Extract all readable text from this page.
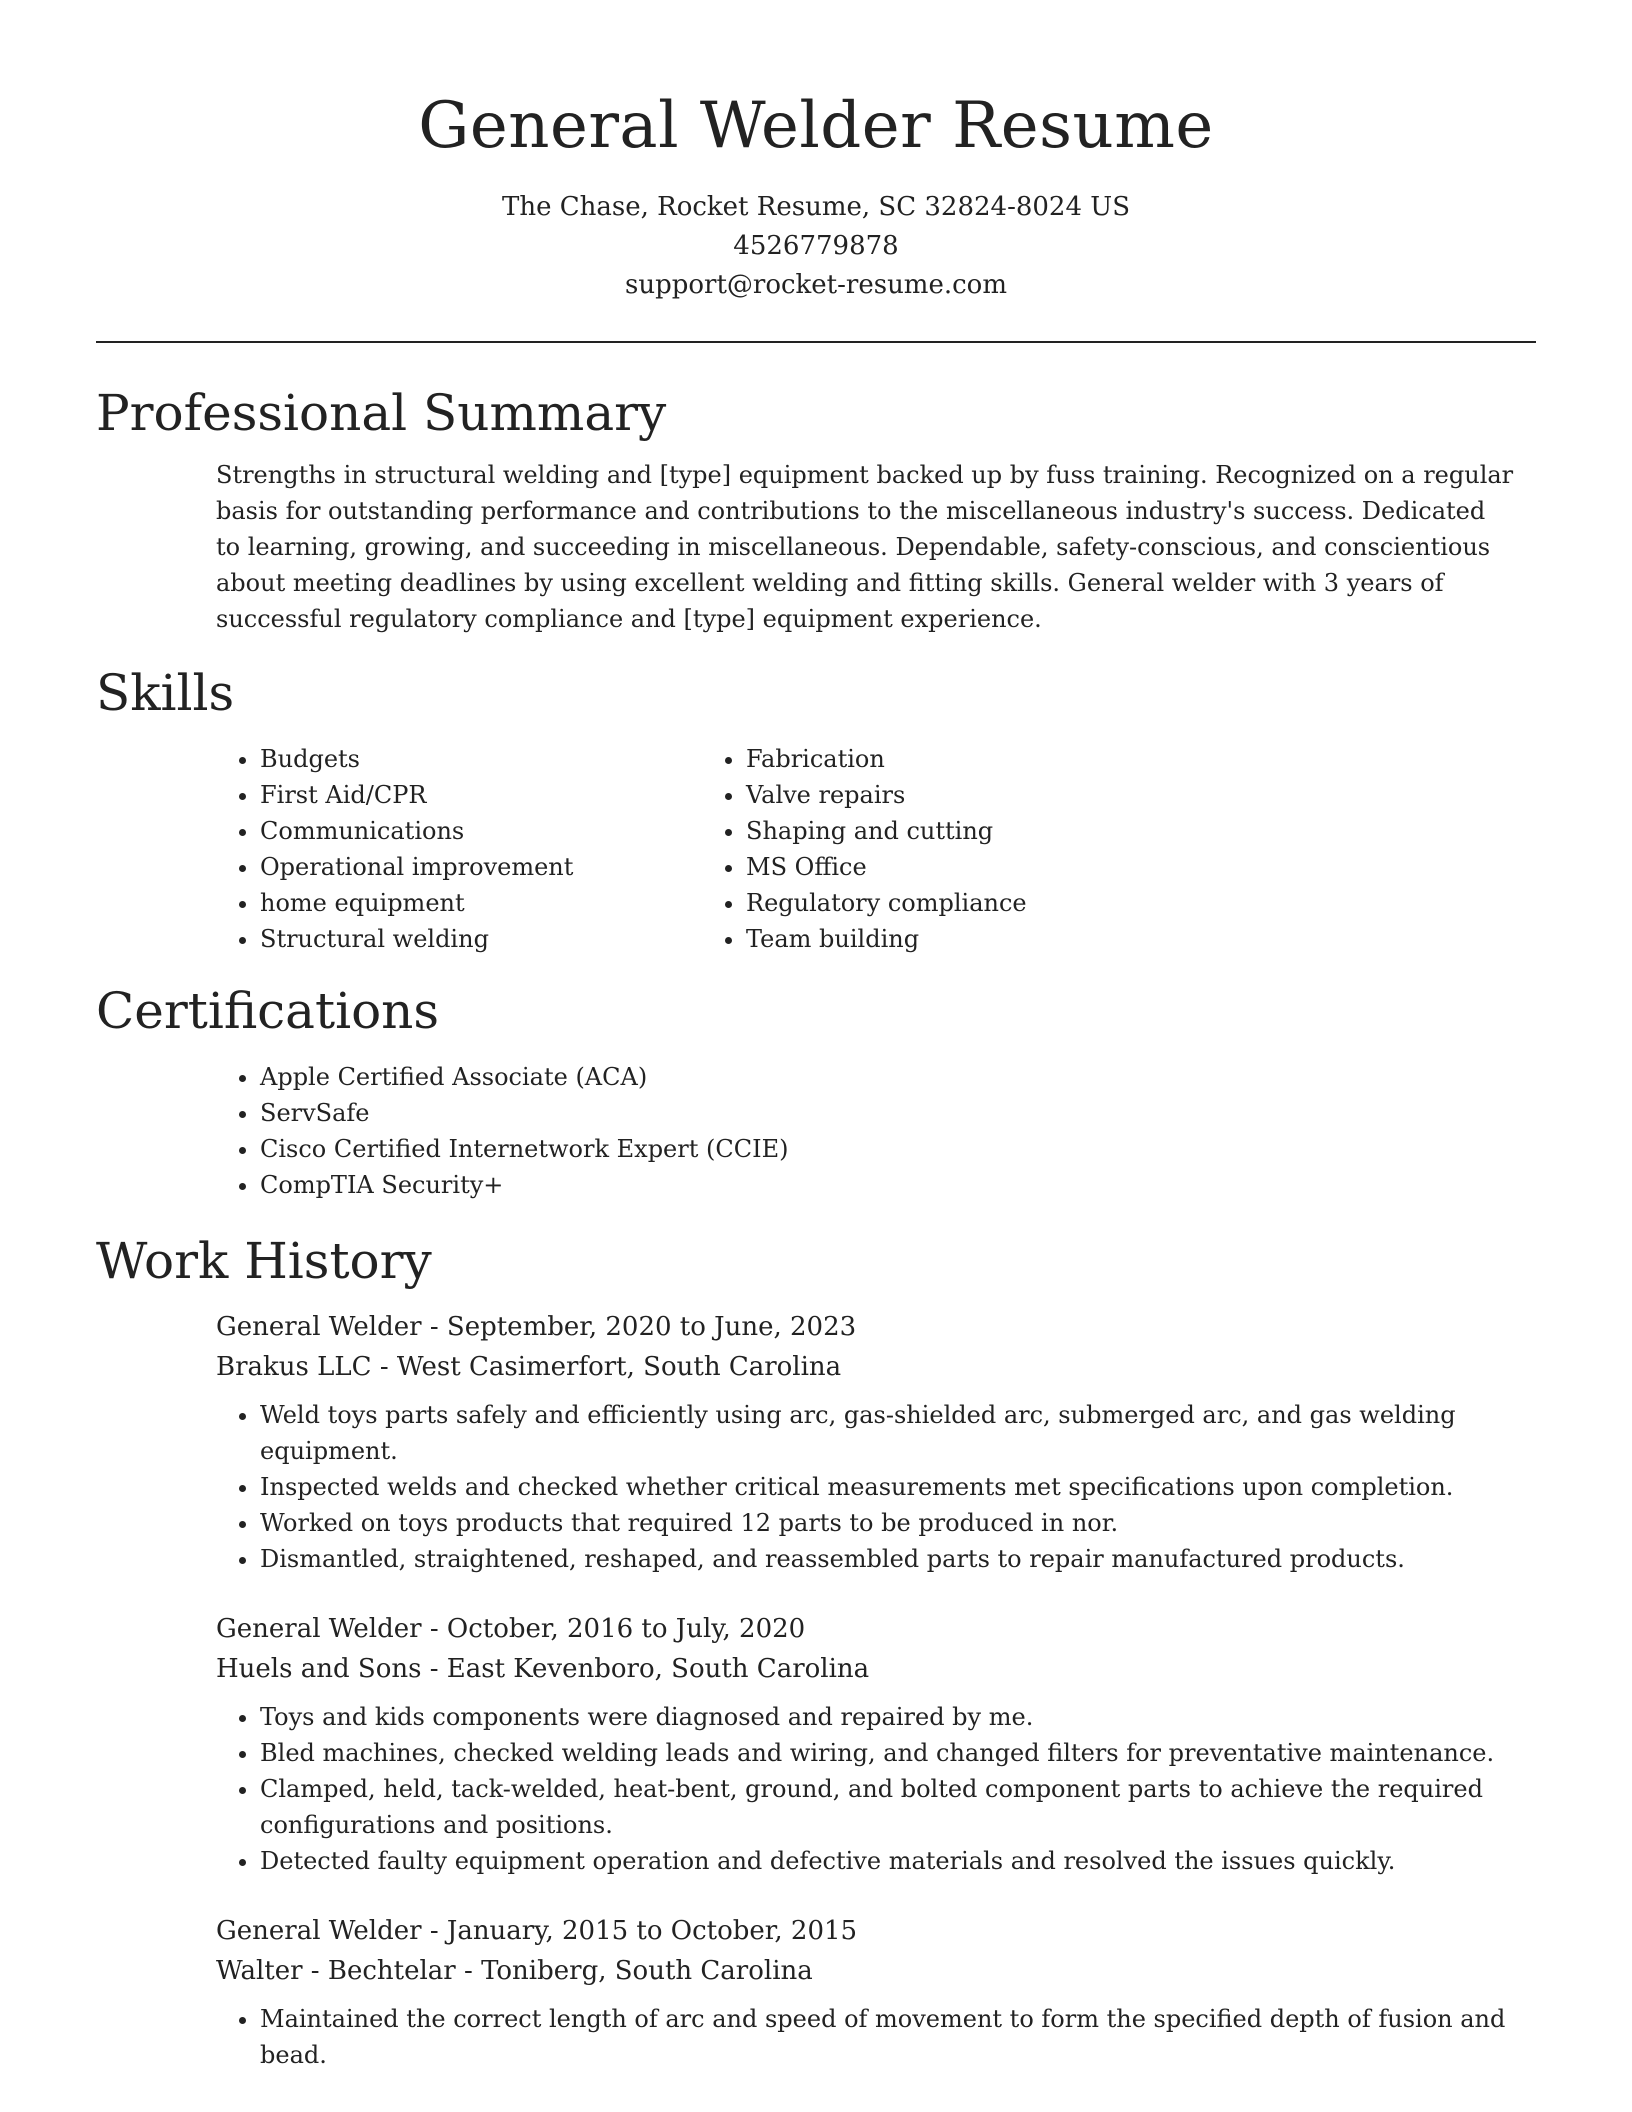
General Welder Resume
The Chase, Rocket Resume, SC 32824-8024 US
4526779878
support@rocket-resume.com
Professional Summary

Strengths in structural welding and [type] equipment backed up by fuss training. Recognized on a regular basis for outstanding performance and contributions to the miscellaneous industry's success. Dedicated to learning, growing, and succeeding in miscellaneous. Dependable, safety-conscious, and conscientious about meeting deadlines by using excellent welding and fitting skills. General welder with 3 years of successful regulatory compliance and [type] equipment experience.

Skills
• Budgets
• First Aid/CPR
• Communications
• Operational improvement
• home equipment
• Structural welding
• Fabrication
• Valve repairs
• Shaping and cutting
• MS Office
• Regulatory compliance
• Team building
Certifications
• Apple Certified Associate (ACA)
• ServSafe
• Cisco Certified Internetwork Expert (CCIE)
• CompTIA Security+
Work History
General Welder - September, 2020 to June, 2023
Brakus LLC - West Casimerfort, South Carolina
• Weld toys parts safely and efficiently using arc, gas-shielded arc, submerged arc, and gas welding equipment.
• Inspected welds and checked whether critical measurements met specifications upon completion.
• Worked on toys products that required 12 parts to be produced in nor.
• Dismantled, straightened, reshaped, and reassembled parts to repair manufactured products.
General Welder - October, 2016 to July, 2020
Huels and Sons - East Kevenboro, South Carolina
• Toys and kids components were diagnosed and repaired by me.
• Bled machines, checked welding leads and wiring, and changed filters for preventative maintenance.
• Clamped, held, tack-welded, heat-bent, ground, and bolted component parts to achieve the required configurations and positions.
• Detected faulty equipment operation and defective materials and resolved the issues quickly.
General Welder - January, 2015 to October, 2015
Walter - Bechtelar - Toniberg, South Carolina
• Maintained the correct length of arc and speed of movement to form the specified depth of fusion and bead.
